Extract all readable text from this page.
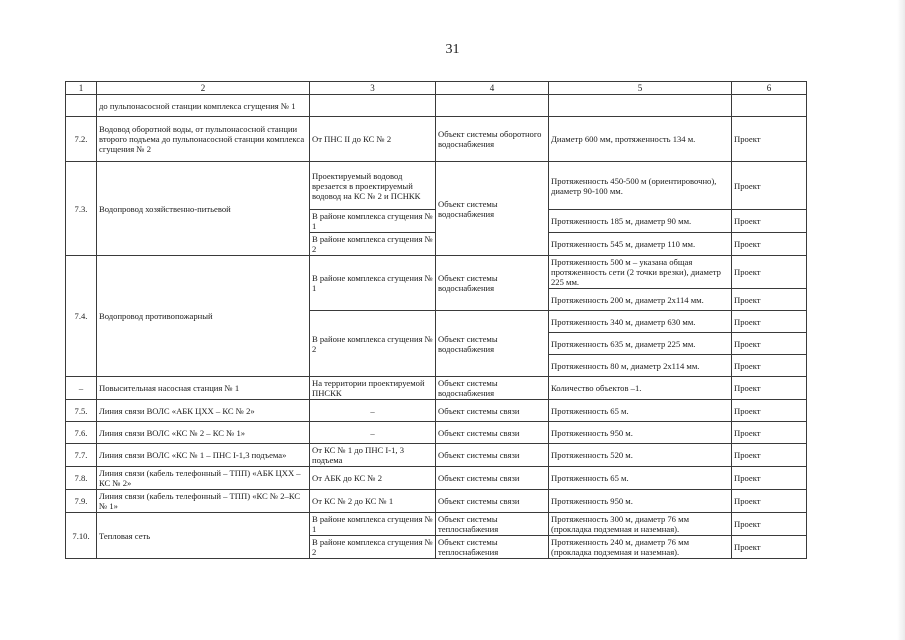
31
1	2	3	4	5	6
	до пульпонасосной станции комплекса сгущения № 1				
7.2.	Водовод оборотной воды, от пульпонасосной станции второго подъема до пульпонасосной станции комплекса сгущения № 2	От ПНС II до КС № 2	Объект системы оборотного водоснабжения	Диаметр 600 мм, протяженность 134 м.	Проект
7.3.	Водопровод хозяйственно-питьевой	Проектируемый водовод врезается в проектируемый водовод на КС № 2 и ПСНКК	Объект системы водоснабжения	Протяженность 450-500 м (ориентировочно), диаметр 90-100 мм.	Проект
		В районе комплекса сгущения № 1		Протяженность 185 м, диаметр 90 мм.	Проект
		В районе комплекса сгущения № 2		Протяженность 545 м, диаметр 110 мм.	Проект
7.4.	Водопровод противопожарный	В районе комплекса сгущения № 1	Объект системы водоснабжения	Протяженность 500 м – указана общая протяженность сети (2 точки врезки), диаметр 225 мм.	Проект
				Протяженность 200 м, диаметр 2х114 мм.	Проект
		В районе комплекса сгущения № 2	Объект системы водоснабжения	Протяженность 340 м, диаметр 630 мм.	Проект
				Протяженность 635 м, диаметр 225 мм.	Проект
				Протяженность 80 м, диаметр 2х114 мм.	Проект
–	Повысительная насосная станция № 1	На территории проектируемой ПНСКК	Объект системы водоснабжения	Количество объектов –1.	Проект
7.5.	Линия связи ВОЛС «АБК ЦХХ – КС № 2»	–	Объект системы связи	Протяженность 65 м.	Проект
7.6.	Линия связи ВОЛС «КС № 2 – КС № 1»	–	Объект системы связи	Протяженность 950 м.	Проект
7.7.	Линия связи ВОЛС «КС № 1 – ПНС I-1,3 подъема»	От КС № 1 до ПНС I-1, 3 подъема	Объект системы связи	Протяженность 520 м.	Проект
7.8.	Линия связи (кабель телефонный – ТПП) «АБК ЦХХ – КС № 2»	От АБК до КС № 2	Объект системы связи	Протяженность 65 м.	Проект
7.9.	Линия связи (кабель телефонный – ТПП) «КС № 2–КС № 1»	От КС № 2 до КС № 1	Объект системы связи	Протяженность 950 м.	Проект
7.10.	Тепловая сеть	В районе комплекса сгущения № 1	Объект системы теплоснабжения	Протяженность 300 м, диаметр 76 мм (прокладка подземная и наземная).	Проект
		В районе комплекса сгущения № 2	Объект системы теплоснабжения	Протяженность 240 м, диаметр 76 мм (прокладка подземная и наземная).	Проект
